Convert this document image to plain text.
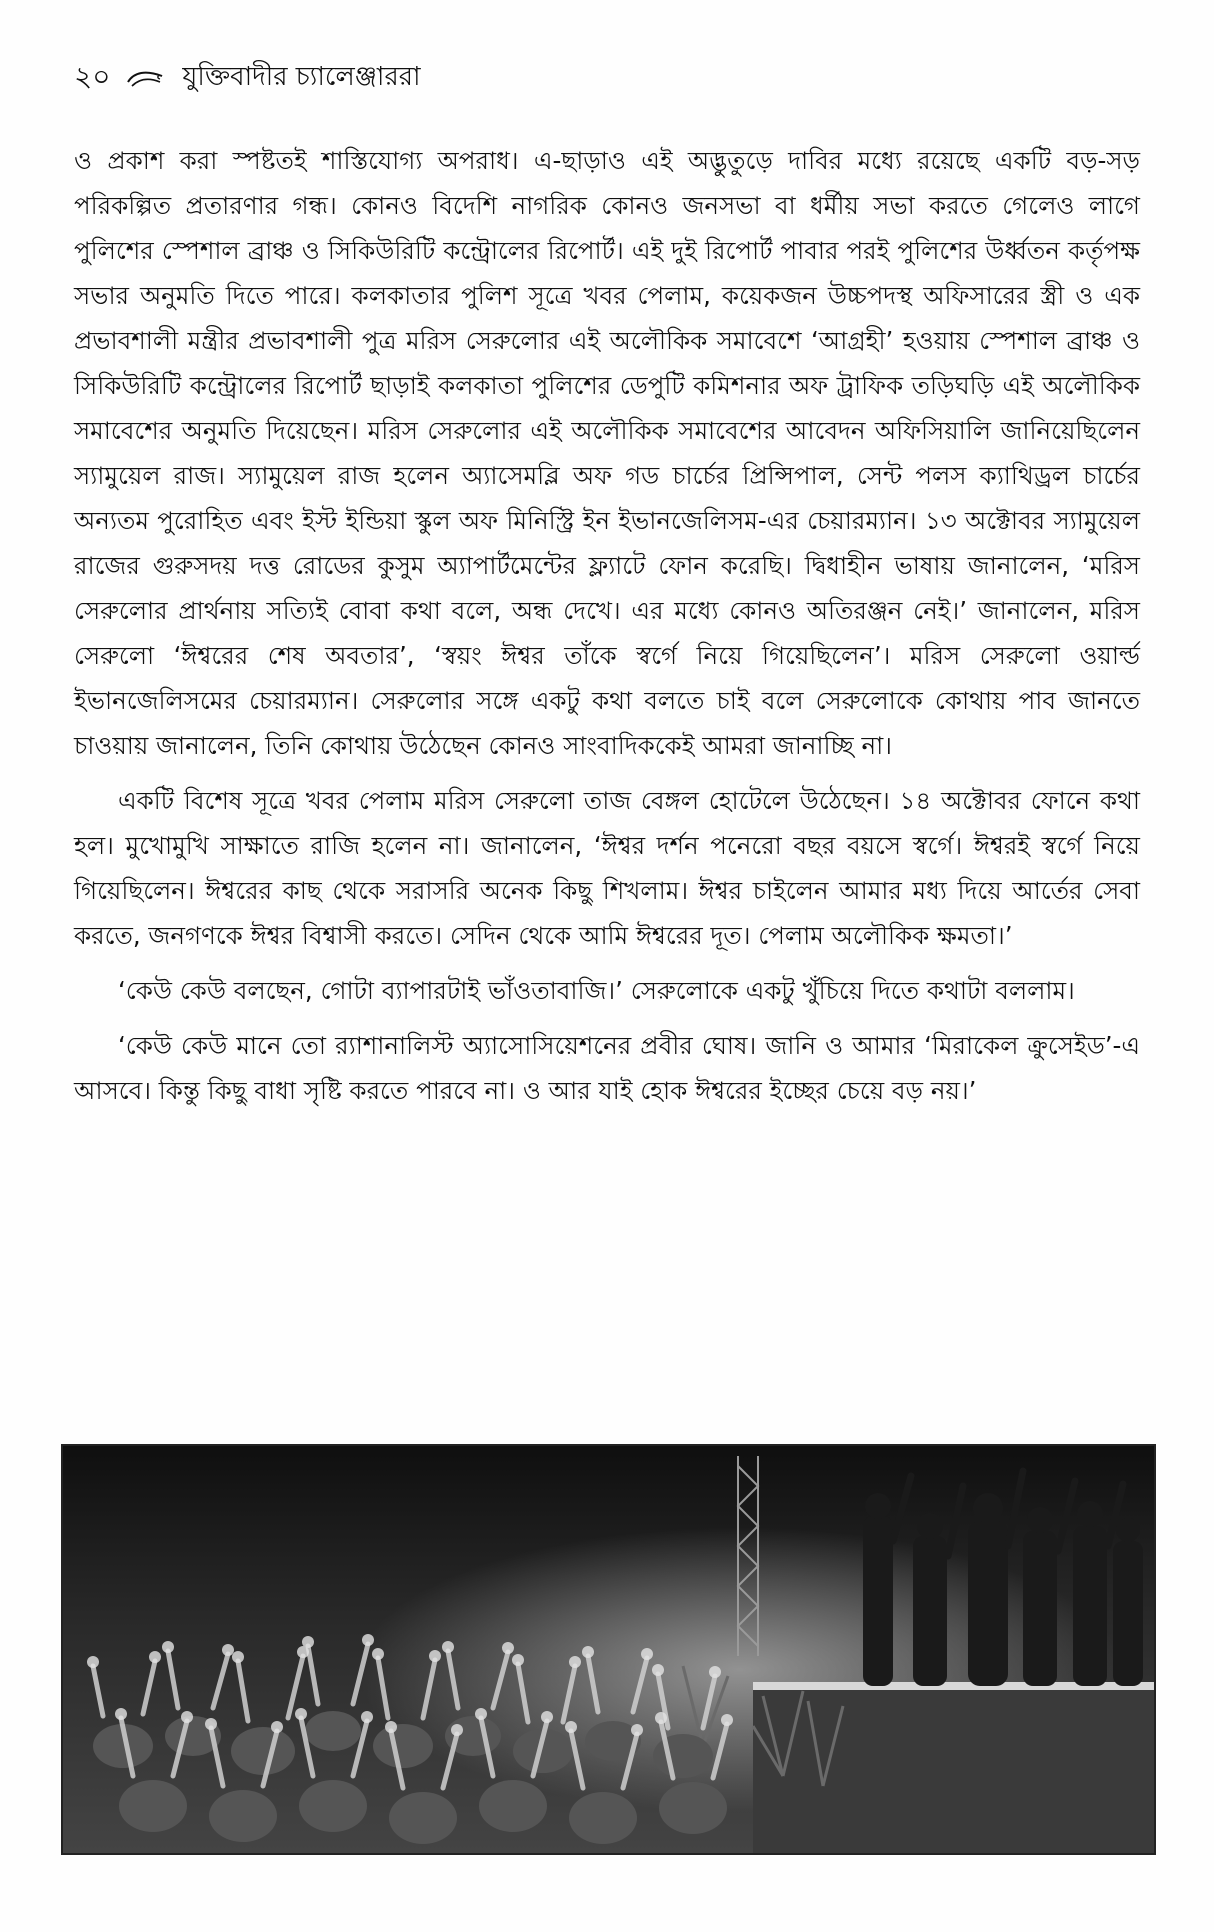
২০	যুক্তিবাদীর চ্যালেঞ্জাররা

ও প্রকাশ করা স্পষ্টতই শাস্তিযোগ্য অপরাধ। এ-ছাড়াও এই অদ্ভুতুড়ে দাবির মধ্যে রয়েছে একটি বড়-সড় পরিকল্পিত প্রতারণার গন্ধ। কোনও বিদেশি নাগরিক কোনও জনসভা বা ধর্মীয় সভা করতে গেলেও লাগে পুলিশের স্পেশাল ব্রাঞ্চ ও সিকিউরিটি কন্ট্রোলের রিপোর্ট। এই দুই রিপোর্ট পাবার পরই পুলিশের উর্ধ্বতন কর্তৃপক্ষ সভার অনুমতি দিতে পারে। কলকাতার পুলিশ সূত্রে খবর পেলাম, কয়েকজন উচ্চপদস্থ অফিসারের স্ত্রী ও এক প্রভাবশালী মন্ত্রীর প্রভাবশালী পুত্র মরিস সেরুলোর এই অলৌকিক সমাবেশে ‘আগ্রহী’ হওয়ায় স্পেশাল ব্রাঞ্চ ও সিকিউরিটি কন্ট্রোলের রিপোর্ট ছাড়াই কলকাতা পুলিশের ডেপুটি কমিশনার অফ ট্রাফিক তড়িঘড়ি এই অলৌকিক সমাবেশের অনুমতি দিয়েছেন। মরিস সেরুলোর এই অলৌকিক সমাবেশের আবেদন অফিসিয়ালি জানিয়েছিলেন স্যামুয়েল রাজ। স্যামুয়েল রাজ হলেন অ্যাসেমব্লি অফ গড চার্চের প্রিন্সিপাল, সেন্ট পলস ক্যাথিড্রল চার্চের অন্যতম পুরোহিত এবং ইস্ট ইন্ডিয়া স্কুল অফ মিনিস্ট্রি ইন ইভানজেলিসম-এর চেয়ারম্যান। ১৩ অক্টোবর স্যামুয়েল রাজের গুরুসদয় দত্ত রোডের কুসুম অ্যাপার্টমেন্টের ফ্ল্যাটে ফোন করেছি। দ্বিধাহীন ভাষায় জানালেন, ‘মরিস সেরুলোর প্রার্থনায় সত্যিই বোবা কথা বলে, অন্ধ দেখে। এর মধ্যে কোনও অতিরঞ্জন নেই।’ জানালেন, মরিস সেরুলো ‘ঈশ্বরের শেষ অবতার’, ‘স্বয়ং ঈশ্বর তাঁকে স্বর্গে নিয়ে গিয়েছিলেন’। মরিস সেরুলো ওয়ার্ল্ড ইভানজেলিসমের চেয়ারম্যান। সেরুলোর সঙ্গে একটু কথা বলতে চাই বলে সেরুলোকে কোথায় পাব জানতে চাওয়ায় জানালেন, তিনি কোথায় উঠেছেন কোনও সাংবাদিককেই আমরা জানাচ্ছি না।

একটি বিশেষ সূত্রে খবর পেলাম মরিস সেরুলো তাজ বেঙ্গল হোটেলে উঠেছেন। ১৪ অক্টোবর ফোনে কথা হল। মুখোমুখি সাক্ষাতে রাজি হলেন না। জানালেন, ‘ঈশ্বর দর্শন পনেরো বছর বয়সে স্বর্গে। ঈশ্বরই স্বর্গে নিয়ে গিয়েছিলেন। ঈশ্বরের কাছ থেকে সরাসরি অনেক কিছু শিখলাম। ঈশ্বর চাইলেন আমার মধ্য দিয়ে আর্তের সেবা করতে, জনগণকে ঈশ্বর বিশ্বাসী করতে। সেদিন থেকে আমি ঈশ্বরের দূত। পেলাম অলৌকিক ক্ষমতা।’

‘কেউ কেউ বলছেন, গোটা ব্যাপারটাই ভাঁওতাবাজি।’ সেরুলোকে একটু খুঁচিয়ে দিতে কথাটা বললাম।

‘কেউ কেউ মানে তো র‍্যাশানালিস্ট অ্যাসোসিয়েশনের প্রবীর ঘোষ। জানি ও আমার ‘মিরাকেল ক্রুসেইড’-এ আসবে। কিন্তু কিছু বাধা সৃষ্টি করতে পারবে না। ও আর যাই হোক ঈশ্বরের ইচ্ছের চেয়ে বড় নয়।’
